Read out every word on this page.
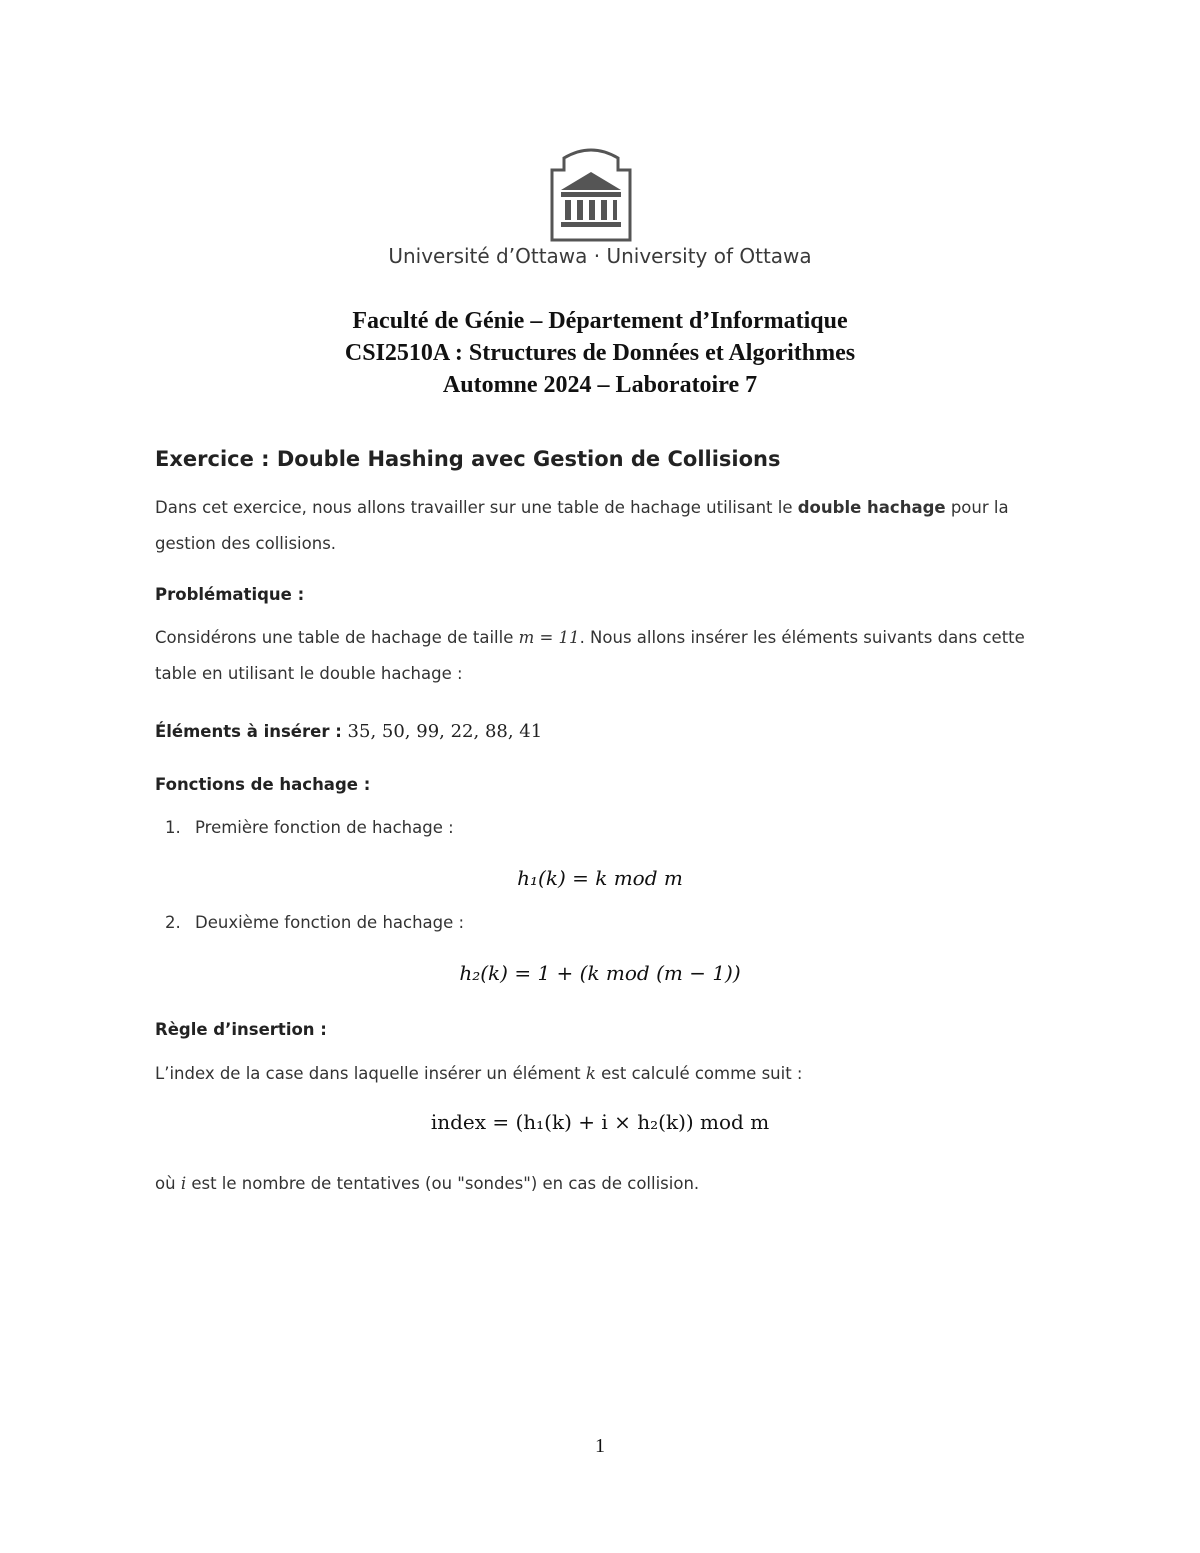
Université d’Ottawa · University of Ottawa
Faculté de Génie – Département d’Informatique
CSI2510A : Structures de Données et Algorithmes
Automne 2024 – Laboratoire 7
Exercice : Double Hashing avec Gestion de Collisions
Dans cet exercice, nous allons travailler sur une table de hachage utilisant le double hachage pour la gestion des collisions.
Problématique :
Considérons une table de hachage de taille m = 11. Nous allons insérer les éléments suivants dans cette table en utilisant le double hachage :
Éléments à insérer : 35, 50, 99, 22, 88, 41
Fonctions de hachage :
1. Première fonction de hachage :
h₁(k) = k mod m
2. Deuxième fonction de hachage :
h₂(k) = 1 + (k mod (m − 1))
Règle d’insertion :
L’index de la case dans laquelle insérer un élément k est calculé comme suit :
index = (h₁(k) + i × h₂(k)) mod m
où i est le nombre de tentatives (ou "sondes") en cas de collision.
1
